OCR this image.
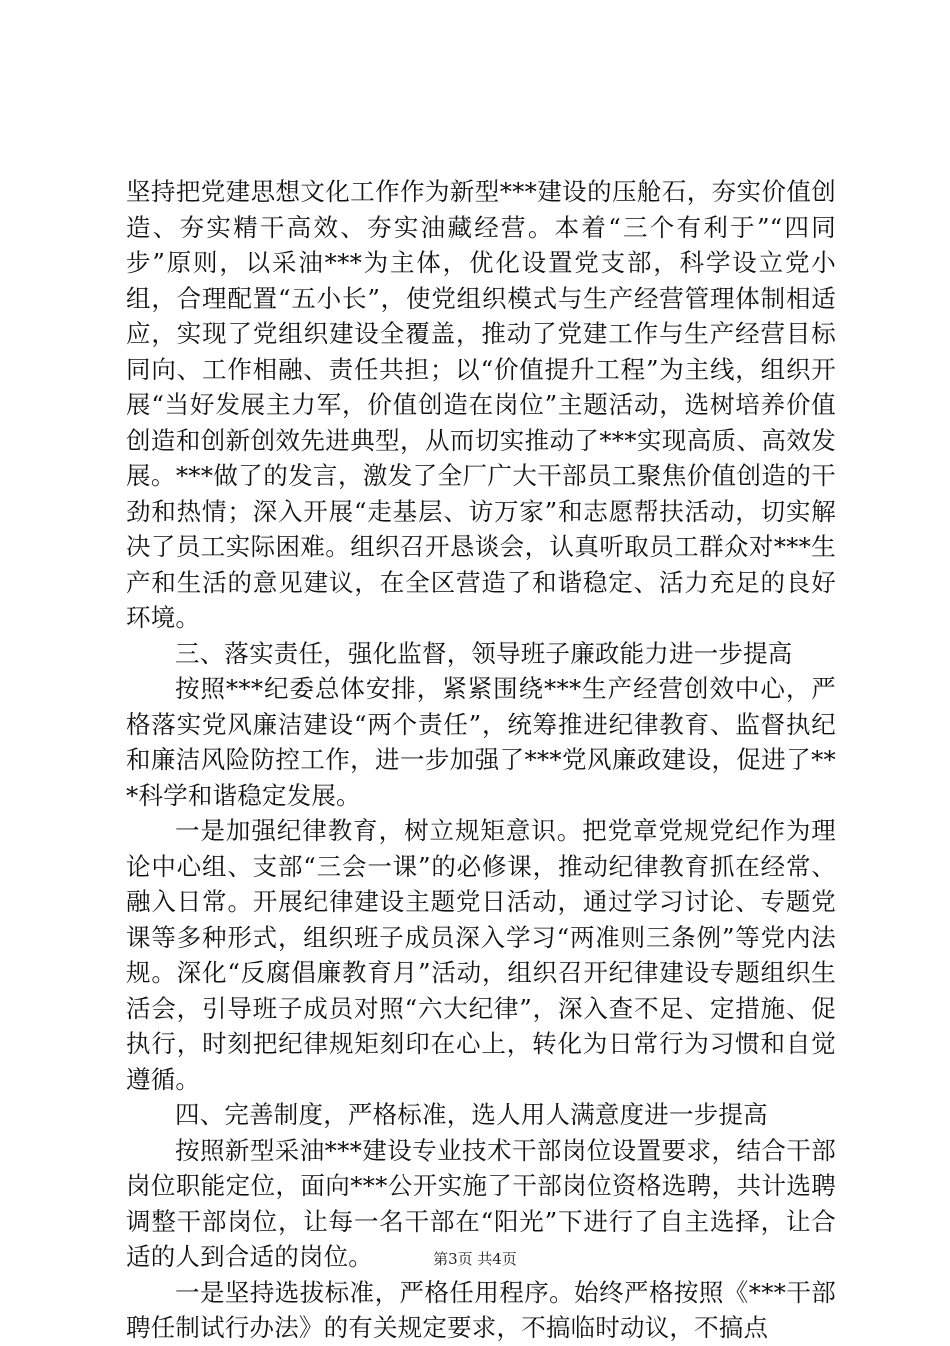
坚持把党建思想文化工作作为新型***建设的压舱石，夯实价值创造、夯实精干高效、夯实油藏经营。本着“三个有利于”“四同步”原则，以采油***为主体，优化设置党支部，科学设立党小组，合理配置“五小长”，使党组织模式与生产经营管理体制相适应，实现了党组织建设全覆盖，推动了党建工作与生产经营目标同向、工作相融、责任共担；以“价值提升工程”为主线，组织开展“当好发展主力军，价值创造在岗位”主题活动，选树培养价值创造和创新创效先进典型，从而切实推动了***实现高质、高效发展。***做了的发言，激发了全厂广大干部员工聚焦价值创造的干劲和热情；深入开展“走基层、访万家”和志愿帮扶活动，切实解决了员工实际困难。组织召开恳谈会，认真听取员工群众对***生产和生活的意见建议，在全区营造了和谐稳定、活力充足的良好环境。

三、落实责任，强化监督，领导班子廉政能力进一步提高

按照***纪委总体安排，紧紧围绕***生产经营创效中心，严格落实党风廉洁建设“两个责任”，统筹推进纪律教育、监督执纪和廉洁风险防控工作，进一步加强了***党风廉政建设，促进了***科学和谐稳定发展。

一是加强纪律教育，树立规矩意识。把党章党规党纪作为理论中心组、支部“三会一课”的必修课，推动纪律教育抓在经常、融入日常。开展纪律建设主题党日活动，通过学习讨论、专题党课等多种形式，组织班子成员深入学习“两准则三条例”等党内法规。深化“反腐倡廉教育月”活动，组织召开纪律建设专题组织生活会，引导班子成员对照“六大纪律”，深入查不足、定措施、促执行，时刻把纪律规矩刻印在心上，转化为日常行为习惯和自觉遵循。

四、完善制度，严格标准，选人用人满意度进一步提高

按照新型采油***建设专业技术干部岗位设置要求，结合干部岗位职能定位，面向***公开实施了干部岗位资格选聘，共计选聘调整干部岗位，让每一名干部在“阳光”下进行了自主选择，让合适的人到合适的岗位。

一是坚持选拔标准，严格任用程序。始终严格按照《***干部聘任制试行办法》的有关规定要求，不搞临时动议，不搞点

第3页 共4页
